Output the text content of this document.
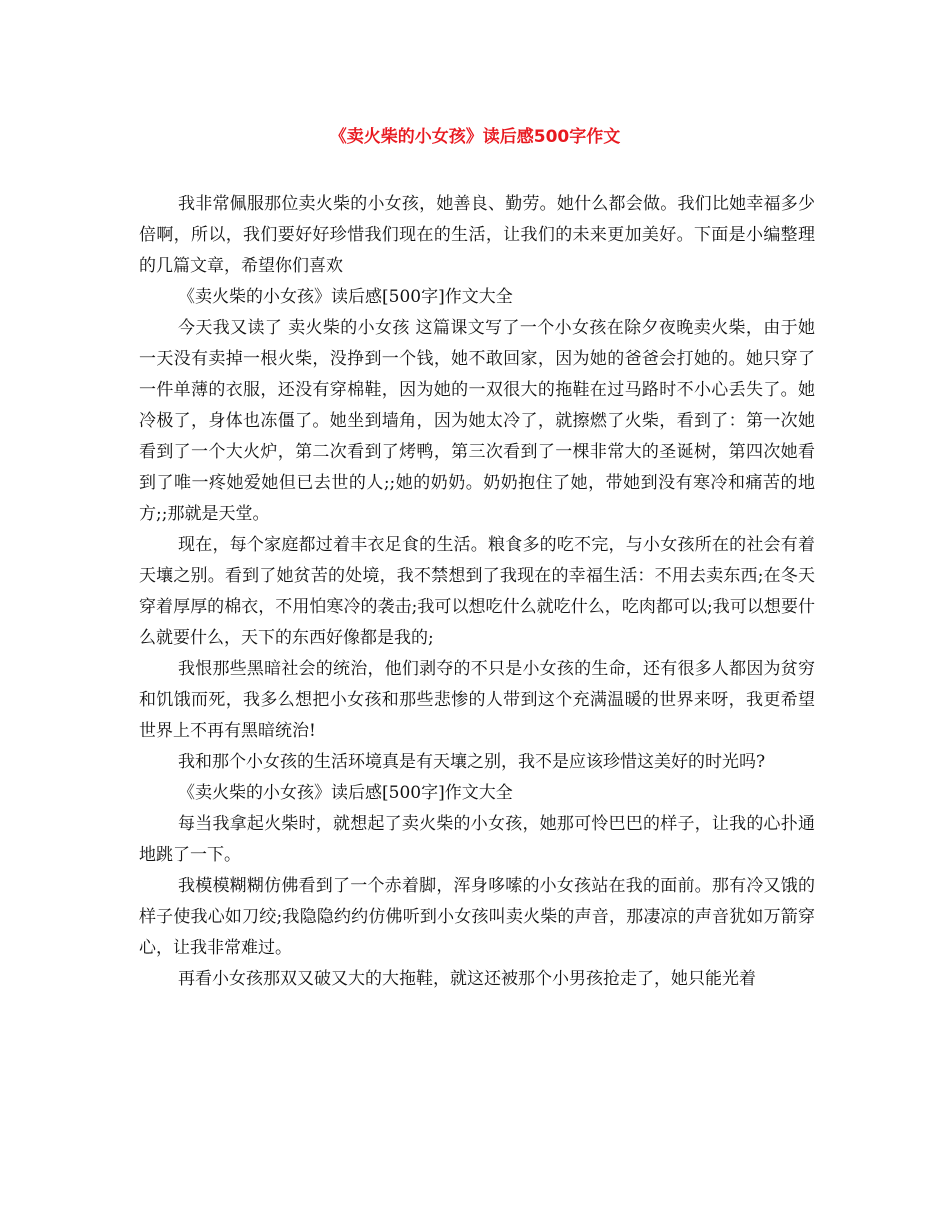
《卖火柴的小女孩》读后感500字作文

我非常佩服那位卖火柴的小女孩，她善良、勤劳。她什么都会做。我们比她幸福多少倍啊，所以，我们要好好珍惜我们现在的生活，让我们的未来更加美好。下面是小编整理的几篇文章，希望你们喜欢

《卖火柴的小女孩》读后感[500字]作文大全

今天我又读了 卖火柴的小女孩 这篇课文写了一个小女孩在除夕夜晚卖火柴，由于她一天没有卖掉一根火柴，没挣到一个钱，她不敢回家，因为她的爸爸会打她的。她只穿了一件单薄的衣服，还没有穿棉鞋，因为她的一双很大的拖鞋在过马路时不小心丢失了。她冷极了，身体也冻僵了。她坐到墙角，因为她太冷了，就擦燃了火柴，看到了：第一次她看到了一个大火炉，第二次看到了烤鸭，第三次看到了一棵非常大的圣诞树，第四次她看到了唯一疼她爱她但已去世的人;;她的奶奶。奶奶抱住了她，带她到没有寒冷和痛苦的地方;;那就是天堂。

现在，每个家庭都过着丰衣足食的生活。粮食多的吃不完，与小女孩所在的社会有着天壤之别。看到了她贫苦的处境，我不禁想到了我现在的幸福生活：不用去卖东西;在冬天穿着厚厚的棉衣，不用怕寒冷的袭击;我可以想吃什么就吃什么，吃肉都可以;我可以想要什么就要什么，天下的东西好像都是我的;

我恨那些黑暗社会的统治，他们剥夺的不只是小女孩的生命，还有很多人都因为贫穷和饥饿而死，我多么想把小女孩和那些悲惨的人带到这个充满温暖的世界来呀，我更希望世界上不再有黑暗统治!

我和那个小女孩的生活环境真是有天壤之别，我不是应该珍惜这美好的时光吗?

《卖火柴的小女孩》读后感[500字]作文大全

每当我拿起火柴时，就想起了卖火柴的小女孩，她那可怜巴巴的样子，让我的心扑通地跳了一下。

我模模糊糊仿佛看到了一个赤着脚，浑身哆嗦的小女孩站在我的面前。那有冷又饿的样子使我心如刀绞;我隐隐约约仿佛听到小女孩叫卖火柴的声音，那凄凉的声音犹如万箭穿心，让我非常难过。

再看小女孩那双又破又大的大拖鞋，就这还被那个小男孩抢走了，她只能光着
